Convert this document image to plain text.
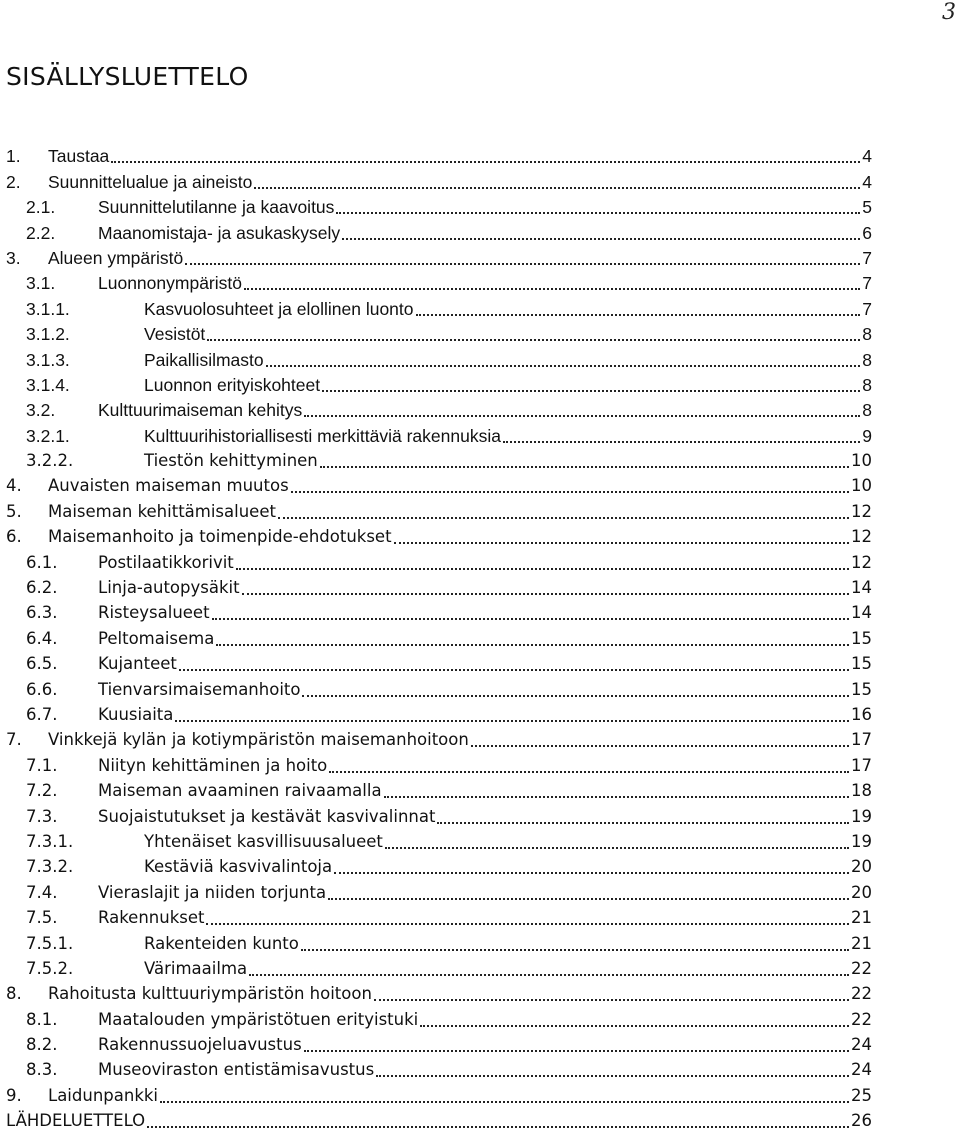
3
SISÄLLYSLUETTELO
1.	Taustaa	4
2.	Suunnittelualue ja aineisto	4
2.1.	Suunnittelutilanne ja kaavoitus	5
2.2.	Maanomistaja- ja asukaskysely	6
3.	Alueen ympäristö	7
3.1.	Luonnonympäristö	7
3.1.1.	Kasvuolosuhteet ja elollinen luonto	7
3.1.2.	Vesistöt	8
3.1.3.	Paikallisilmasto	8
3.1.4.	Luonnon erityiskohteet	8
3.2.	Kulttuurimaiseman kehitys	8
3.2.1.	Kulttuurihistoriallisesti merkittäviä rakennuksia	9
3.2.2.	Tiestön kehittyminen	10
4.	Auvaisten maiseman muutos	10
5.	Maiseman kehittämisalueet	12
6.	Maisemanhoito ja toimenpide-ehdotukset	12
6.1.	Postilaatikkorivit	12
6.2.	Linja-autopysäkit	14
6.3.	Risteysalueet	14
6.4.	Peltomaisema	15
6.5.	Kujanteet	15
6.6.	Tienvarsimaisemanhoito	15
6.7.	Kuusiaita	16
7.	Vinkkejä kylän ja kotiympäristön maisemanhoitoon	17
7.1.	Niityn kehittäminen ja hoito	17
7.2.	Maiseman avaaminen raivaamalla	18
7.3.	Suojaistutukset ja kestävät kasvivalinnat	19
7.3.1.	Yhtenäiset kasvillisuusalueet	19
7.3.2.	Kestäviä kasvivalintoja	20
7.4.	Vieraslajit ja niiden torjunta	20
7.5.	Rakennukset	21
7.5.1.	Rakenteiden kunto	21
7.5.2.	Värimaailma	22
8.	Rahoitusta kulttuuriympäristön hoitoon	22
8.1.	Maatalouden ympäristötuen erityistuki	22
8.2.	Rakennussuojeluavustus	24
8.3.	Museoviraston entistämisavustus	24
9.	Laidunpankki	25
LÄHDELUETTELO	26
